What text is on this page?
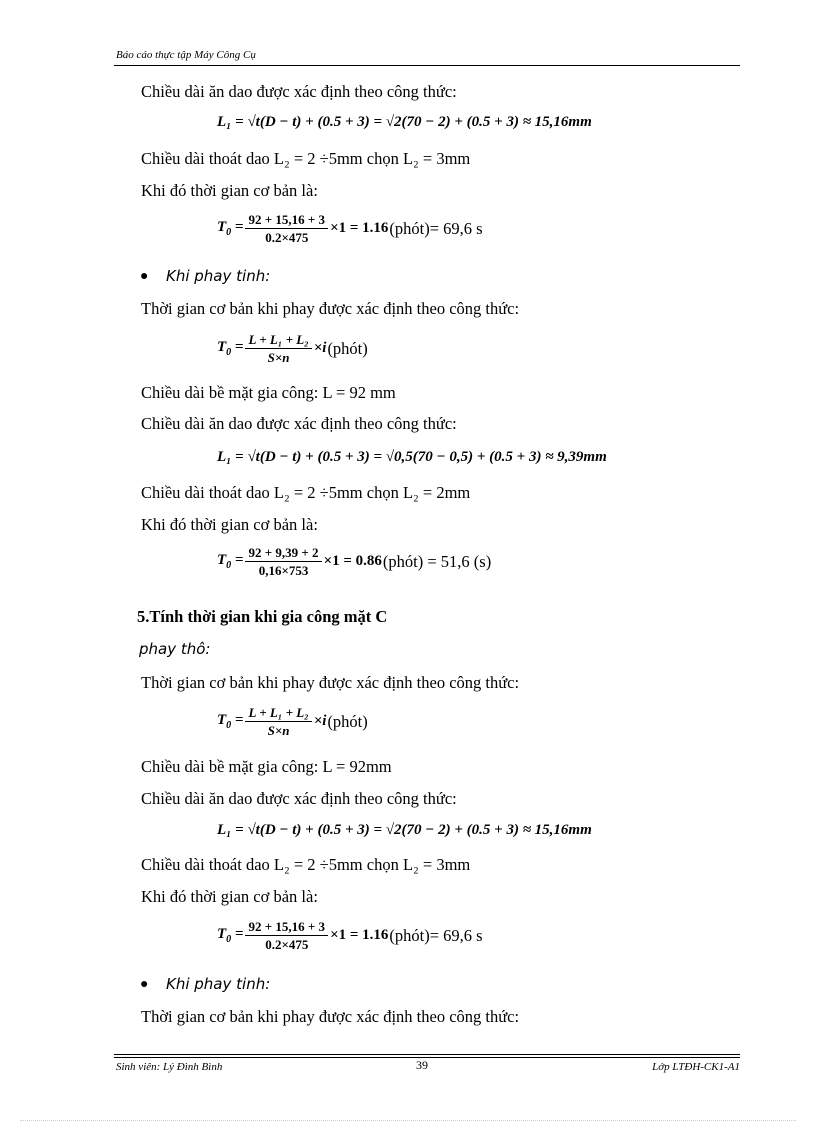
Báo cáo thực tập Máy Công Cụ
Chiều dài ăn dao được xác định theo công thức:
L₁ = √t(D − t) + (0.5 + 3) = √2(70 − 2) + (0.5 + 3) ≈ 15,16mm
Chiều dài thoát dao L₂ = 2 ÷5mm chọn L₂ = 3mm
Khi đó thời gian cơ bản là:
$T_0 = \frac{92 + 15,16 + 3}{0.2\times 475} \times 1 = 1.16$ (phót)= 69,6 s
● Khi phay tinh:
Thời gian cơ bản khi phay được xác định theo công thức:
$T_0 = \frac{\text{L + L₁ + L₂}}{S\times n} \times i$ (phót)
Chiều dài bề mặt gia công: L = 92 mm
Chiều dài ăn dao được xác định theo công thức:
L₁ = √t(D − t) + (0.5 + 3) = √0,5(70 − 0,5) + (0.5 + 3) ≈ 9,39mm
Chiều dài thoát dao L₂ = 2 ÷5mm chọn L₂ = 2mm
Khi đó thời gian cơ bản là:
$T_0 = \frac{92 + 9,39 + 2}{0,16\times 753} \times 1 = 0.86$ (phót) = 51,6 (s)
5.Tính thời gian khi gia công mặt C
phay thô:
Thời gian cơ bản khi phay được xác định theo công thức:
$T_0 = \frac{\text{L + L₁ + L₂}}{S\times n} \times i$ (phót)
Chiều dài bề mặt gia công: L = 92mm
Chiều dài ăn dao được xác định theo công thức:
L₁ = √t(D − t) + (0.5 + 3) = √2(70 − 2) + (0.5 + 3) ≈ 15,16mm
Chiều dài thoát dao L₂ = 2 ÷5mm chọn L₂ = 3mm
Khi đó thời gian cơ bản là:
$T_0 = \frac{92 + 15,16 + 3}{0.2\times 475} \times 1 = 1.16$ (phót)= 69,6 s
● Khi phay tinh:
Thời gian cơ bản khi phay được xác định theo công thức:
Sinh viên: Lý Đình Bình	39	Lớp LTĐH-CK1-A1
